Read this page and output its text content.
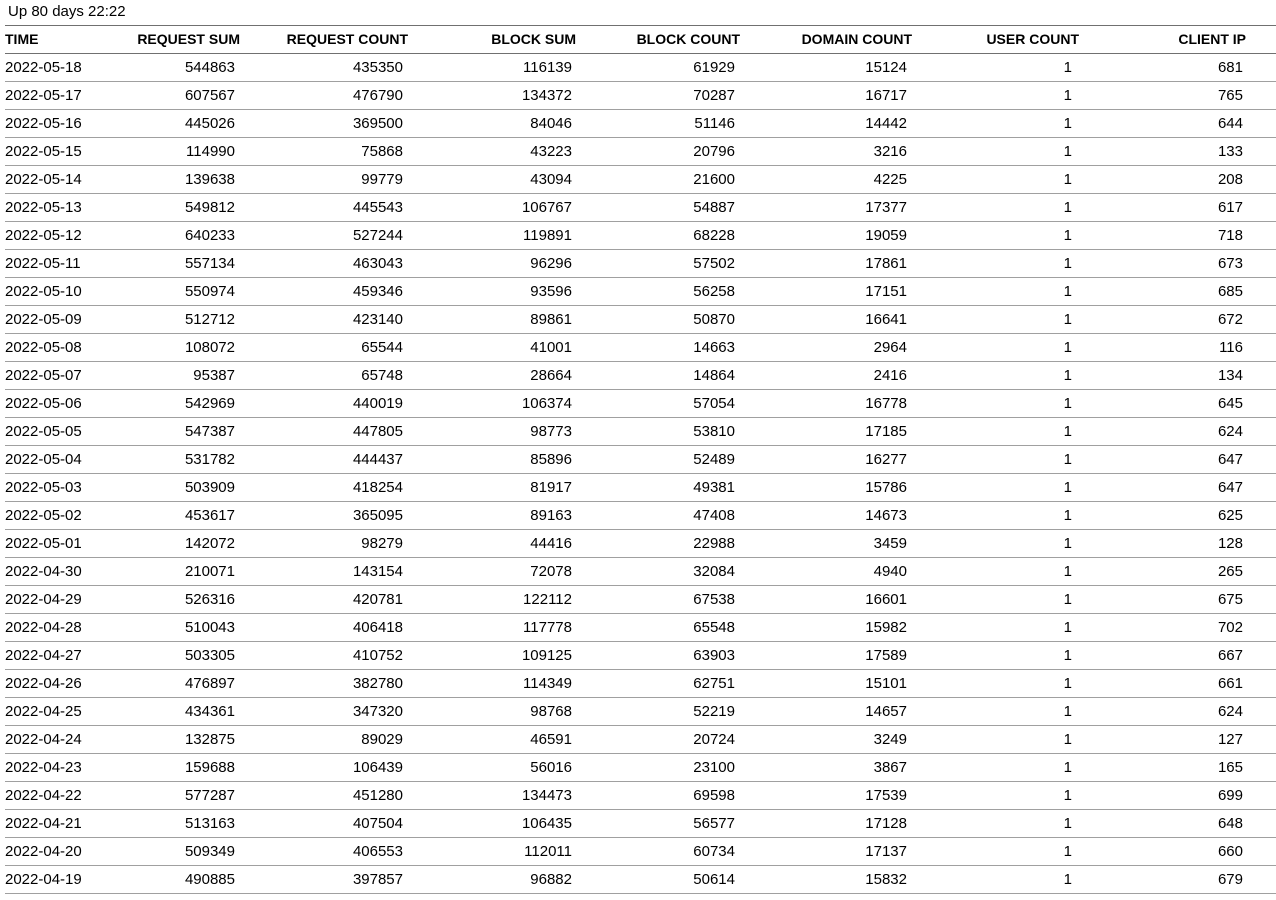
Up 80 days 22:22
TIME	REQUEST SUM	REQUEST COUNT	BLOCK SUM	BLOCK COUNT	DOMAIN COUNT	USER COUNT	CLIENT IP	
2022-05-18	544863	435350	116139	61929	15124	1	681	
2022-05-17	607567	476790	134372	70287	16717	1	765	
2022-05-16	445026	369500	84046	51146	14442	1	644	
2022-05-15	114990	75868	43223	20796	3216	1	133	
2022-05-14	139638	99779	43094	21600	4225	1	208	
2022-05-13	549812	445543	106767	54887	17377	1	617	
2022-05-12	640233	527244	119891	68228	19059	1	718	
2022-05-11	557134	463043	96296	57502	17861	1	673	
2022-05-10	550974	459346	93596	56258	17151	1	685	
2022-05-09	512712	423140	89861	50870	16641	1	672	
2022-05-08	108072	65544	41001	14663	2964	1	116	
2022-05-07	95387	65748	28664	14864	2416	1	134	
2022-05-06	542969	440019	106374	57054	16778	1	645	
2022-05-05	547387	447805	98773	53810	17185	1	624	
2022-05-04	531782	444437	85896	52489	16277	1	647	
2022-05-03	503909	418254	81917	49381	15786	1	647	
2022-05-02	453617	365095	89163	47408	14673	1	625	
2022-05-01	142072	98279	44416	22988	3459	1	128	
2022-04-30	210071	143154	72078	32084	4940	1	265	
2022-04-29	526316	420781	122112	67538	16601	1	675	
2022-04-28	510043	406418	117778	65548	15982	1	702	
2022-04-27	503305	410752	109125	63903	17589	1	667	
2022-04-26	476897	382780	114349	62751	15101	1	661	
2022-04-25	434361	347320	98768	52219	14657	1	624	
2022-04-24	132875	89029	46591	20724	3249	1	127	
2022-04-23	159688	106439	56016	23100	3867	1	165	
2022-04-22	577287	451280	134473	69598	17539	1	699	
2022-04-21	513163	407504	106435	56577	17128	1	648	
2022-04-20	509349	406553	112011	60734	17137	1	660	
2022-04-19	490885	397857	96882	50614	15832	1	679	
